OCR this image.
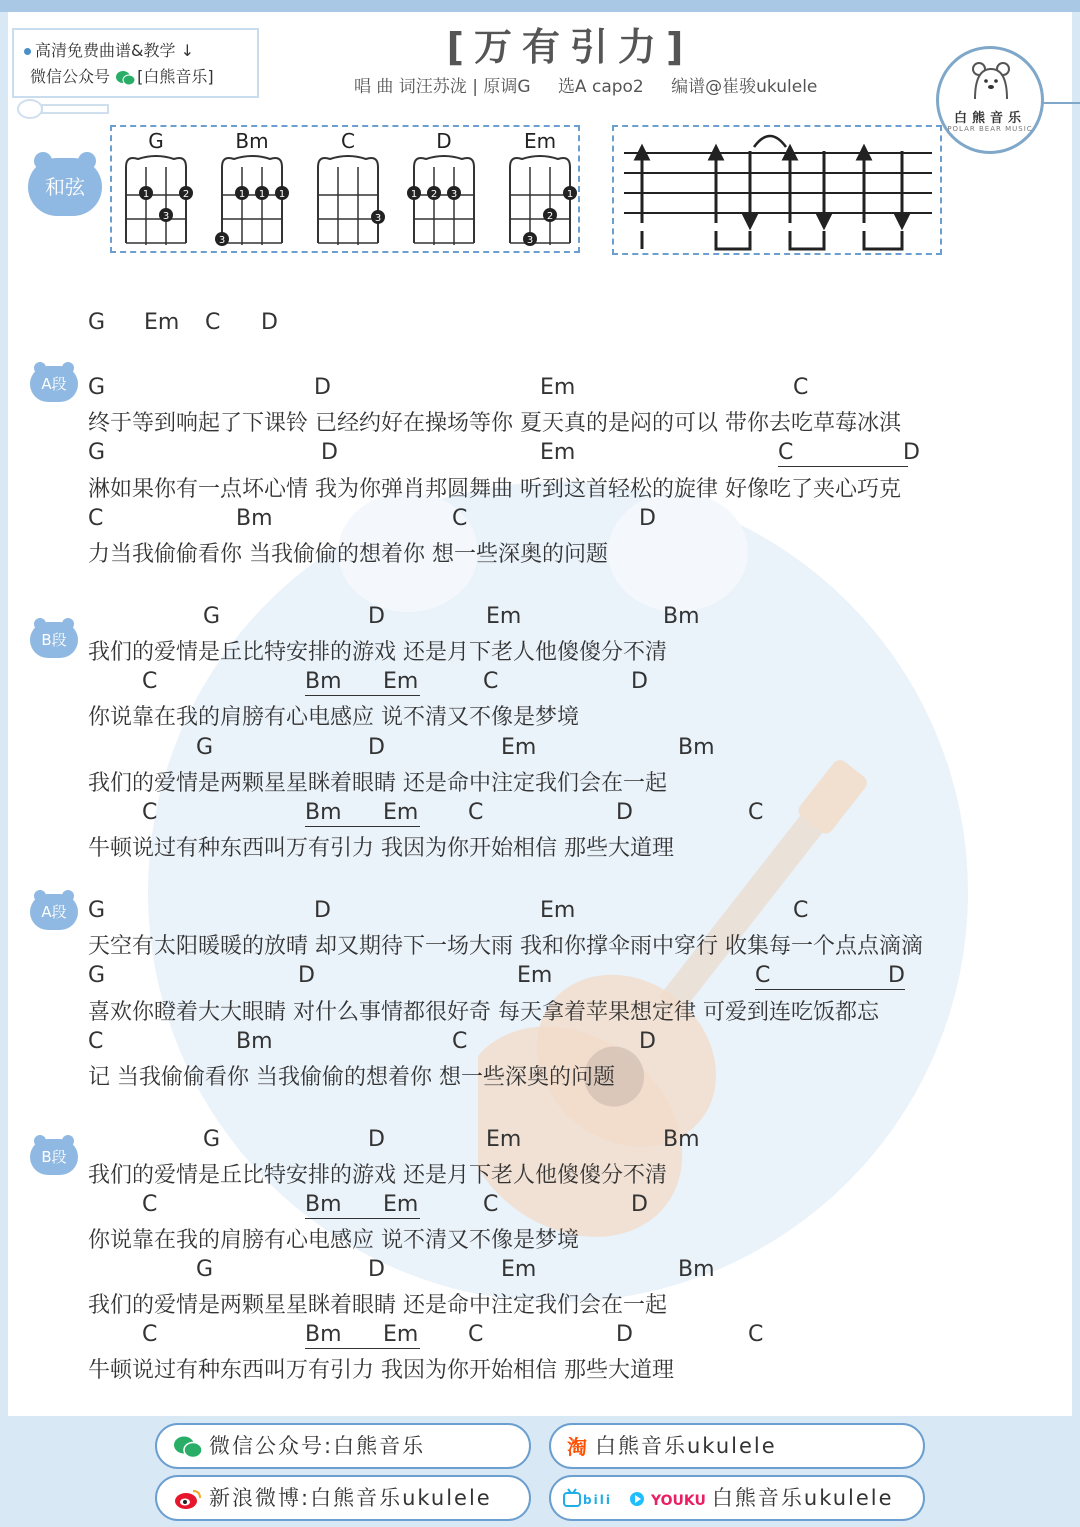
高清免费曲谱&教学 ↓
微信公众号 [白熊音乐]
[万有引力]
唱 曲 词汪苏泷 | 原调G 选A capo2 编谱@崔骏ukulele
白熊音乐
POLAR BEAR MUSIC
和弦
G
1	2
3
Bm
1 1 1
3
C
3
D
1 2 3
Em
1
2
3
G Em C D
A段 G	D	Em	C
终于等到响起了下课铃 已经约好在操场等你 夏天真的是闷的可以 带你去吃草莓冰淇
G	D	Em	C	D
淋如果你有一点坏心情 我为你弹肖邦圆舞曲 听到这首轻松的旋律 好像吃了夹心巧克
C	Bm	C	D
力当我偷偷看你 当我偷偷的想着你 想一些深奥的问题
B段
G	D	Em	Bm
我们的爱情是丘比特安排的游戏 还是月下老人他傻傻分不清
C	Bm	Em	C	D
你说靠在我的肩膀有心电感应 说不清又不像是梦境
G	D	Em	Bm
我们的爱情是两颗星星眯着眼睛 还是命中注定我们会在一起
C	Bm	Em C	D	C
牛顿说过有种东西叫万有引力 我因为你开始相信 那些大道理
A段 G	D	Em	C
天空有太阳暖暖的放晴 却又期待下一场大雨 我和你撑伞雨中穿行 收集每一个点点滴滴
G	D	Em	C	D
喜欢你瞪着大大眼睛 对什么事情都很好奇 每天拿着苹果想定律 可爱到连吃饭都忘
C	Bm	C	D
记 当我偷偷看你 当我偷偷的想着你 想一些深奥的问题
B段
G	D	Em	Bm
我们的爱情是丘比特安排的游戏 还是月下老人他傻傻分不清
C	Bm	Em	C	D
你说靠在我的肩膀有心电感应 说不清又不像是梦境
G	D	Em	Bm
我们的爱情是两颗星星眯着眼睛 还是命中注定我们会在一起
C	Bm	Em C	D	C
牛顿说过有种东西叫万有引力 我因为你开始相信 那些大道理
微信公众号:白熊音乐	淘 白熊音乐ukulele
新浪微博:白熊音乐ukulele	bili	YOUKU 白熊音乐ukulele
